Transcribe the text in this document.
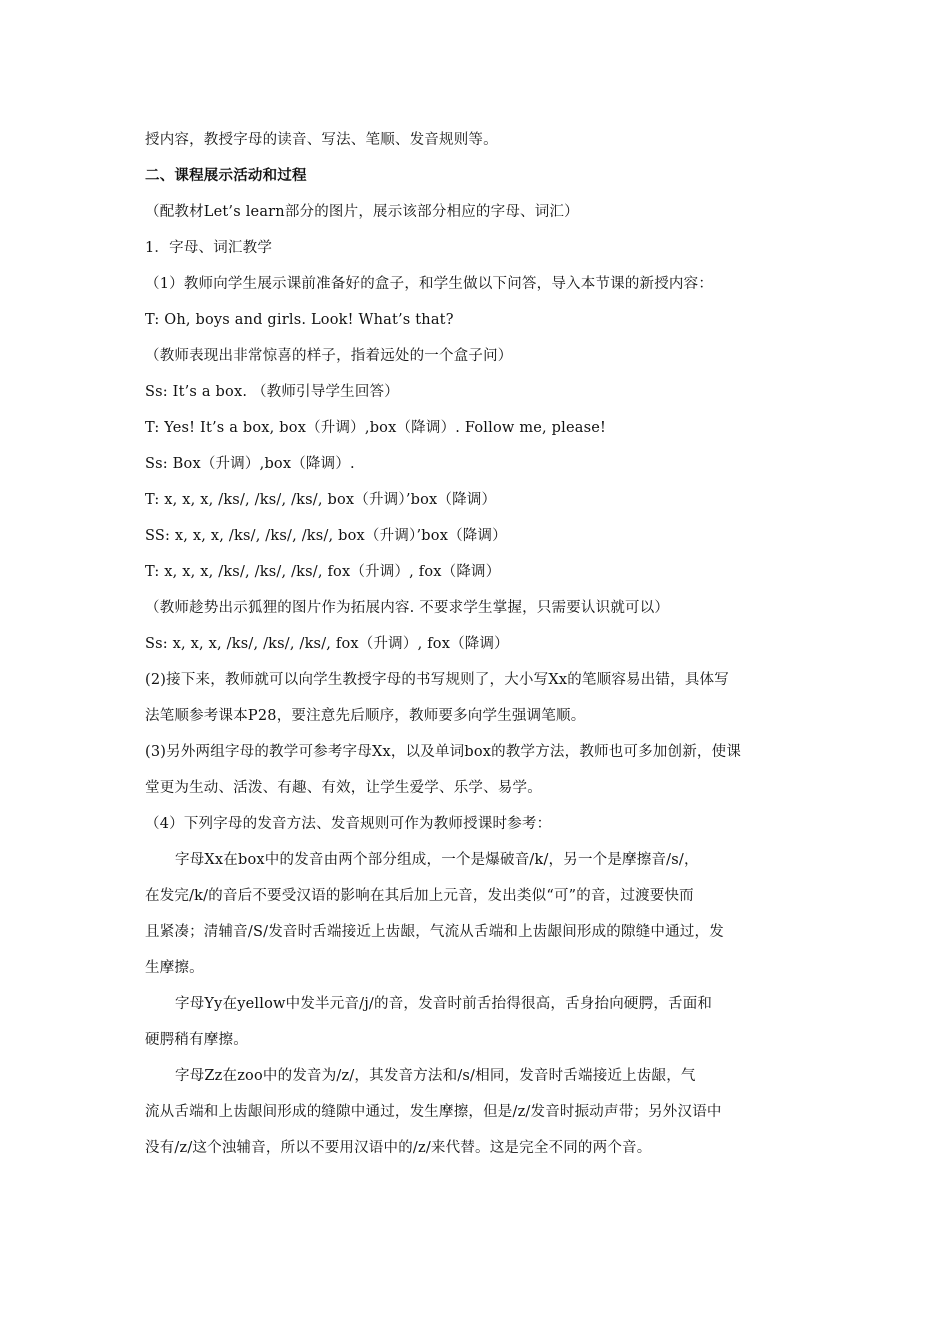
授内容，教授字母的读音、写法、笔顺、发音规则等。
二、课程展示活动和过程
（配教材Let’s learn部分的图片，展示该部分相应的字母、词汇）
1．字母、词汇教学
（1）教师向学生展示课前准备好的盒子，和学生做以下问答，导入本节课的新授内容：
T: Oh, boys and girls. Look! What’s that?
（教师表现出非常惊喜的样子，指着远处的一个盒子问）
Ss: It’s a box. （教师引导学生回答）
T: Yes! It’s a box, box（升调）,box（降调）. Follow me, please!
Ss: Box（升调）,box（降调）.
T: x, x, x, /ks/, /ks/, /ks/, box（升调）’box（降调）
SS: x, x, x, /ks/, /ks/, /ks/, box（升调）’box（降调）
T: x, x, x, /ks/, /ks/, /ks/, fox（升调）, fox（降调）
（教师趁势出示狐狸的图片作为拓展内容. 不要求学生掌握，只需要认识就可以）
Ss: x, x, x, /ks/, /ks/, /ks/, fox（升调）, fox（降调）
(2)接下来，教师就可以向学生教授字母的书写规则了，大小写Xx的笔顺容易出错，具体写
法笔顺参考课本P28，要注意先后顺序，教师要多向学生强调笔顺。
(3)另外两组字母的教学可参考字母Xx，以及单词box的教学方法，教师也可多加创新，使课
堂更为生动、活泼、有趣、有效，让学生爱学、乐学、易学。
（4）下列字母的发音方法、发音规则可作为教师授课时参考：
字母Xx在box中的发音由两个部分组成，一个是爆破音/k/，另一个是摩擦音/s/，
在发完/k/的音后不要受汉语的影响在其后加上元音，发出类似“可”的音，过渡要快而
且紧凑；清辅音/S/发音时舌端接近上齿龈，气流从舌端和上齿龈间形成的隙缝中通过，发
生摩擦。
字母Yy在yellow中发半元音/j/的音，发音时前舌抬得很高，舌身抬向硬腭，舌面和
硬腭稍有摩擦。
字母Zz在zoo中的发音为/z/，其发音方法和/s/相同，发音时舌端接近上齿龈，气
流从舌端和上齿龈间形成的缝隙中通过，发生摩擦，但是/z/发音时振动声带；另外汉语中
没有/z/这个浊辅音，所以不要用汉语中的/z/来代替。这是完全不同的两个音。
